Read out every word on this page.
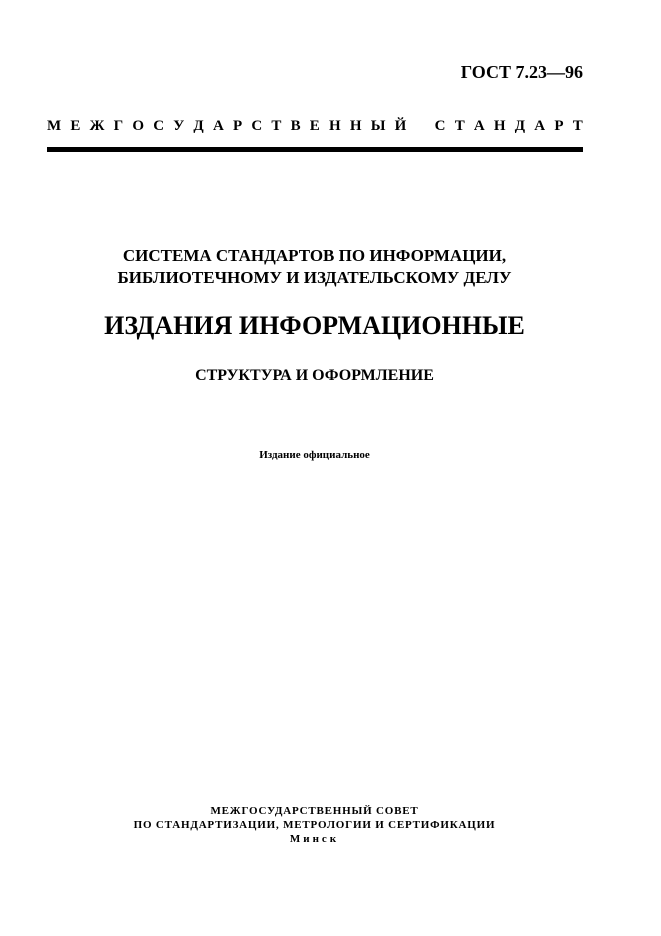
ГОСТ 7.23—96

М Е Ж Г О С У Д А Р С Т В Е Н Н Ы Й
С Т А Н Д А Р Т

СИСТЕМА СТАНДАРТОВ ПО ИНФОРМАЦИИ,
БИБЛИОТЕЧНОМУ И ИЗДАТЕЛЬСКОМУ ДЕЛУ

ИЗДАНИЯ ИНФОРМАЦИОННЫЕ

СТРУКТУРА И ОФОРМЛЕНИЕ

Издание официальное

МЕЖГОСУДАРСТВЕННЫЙ СОВЕТ
ПО СТАНДАРТИЗАЦИИ, МЕТРОЛОГИИ И СЕРТИФИКАЦИИ
Минск
